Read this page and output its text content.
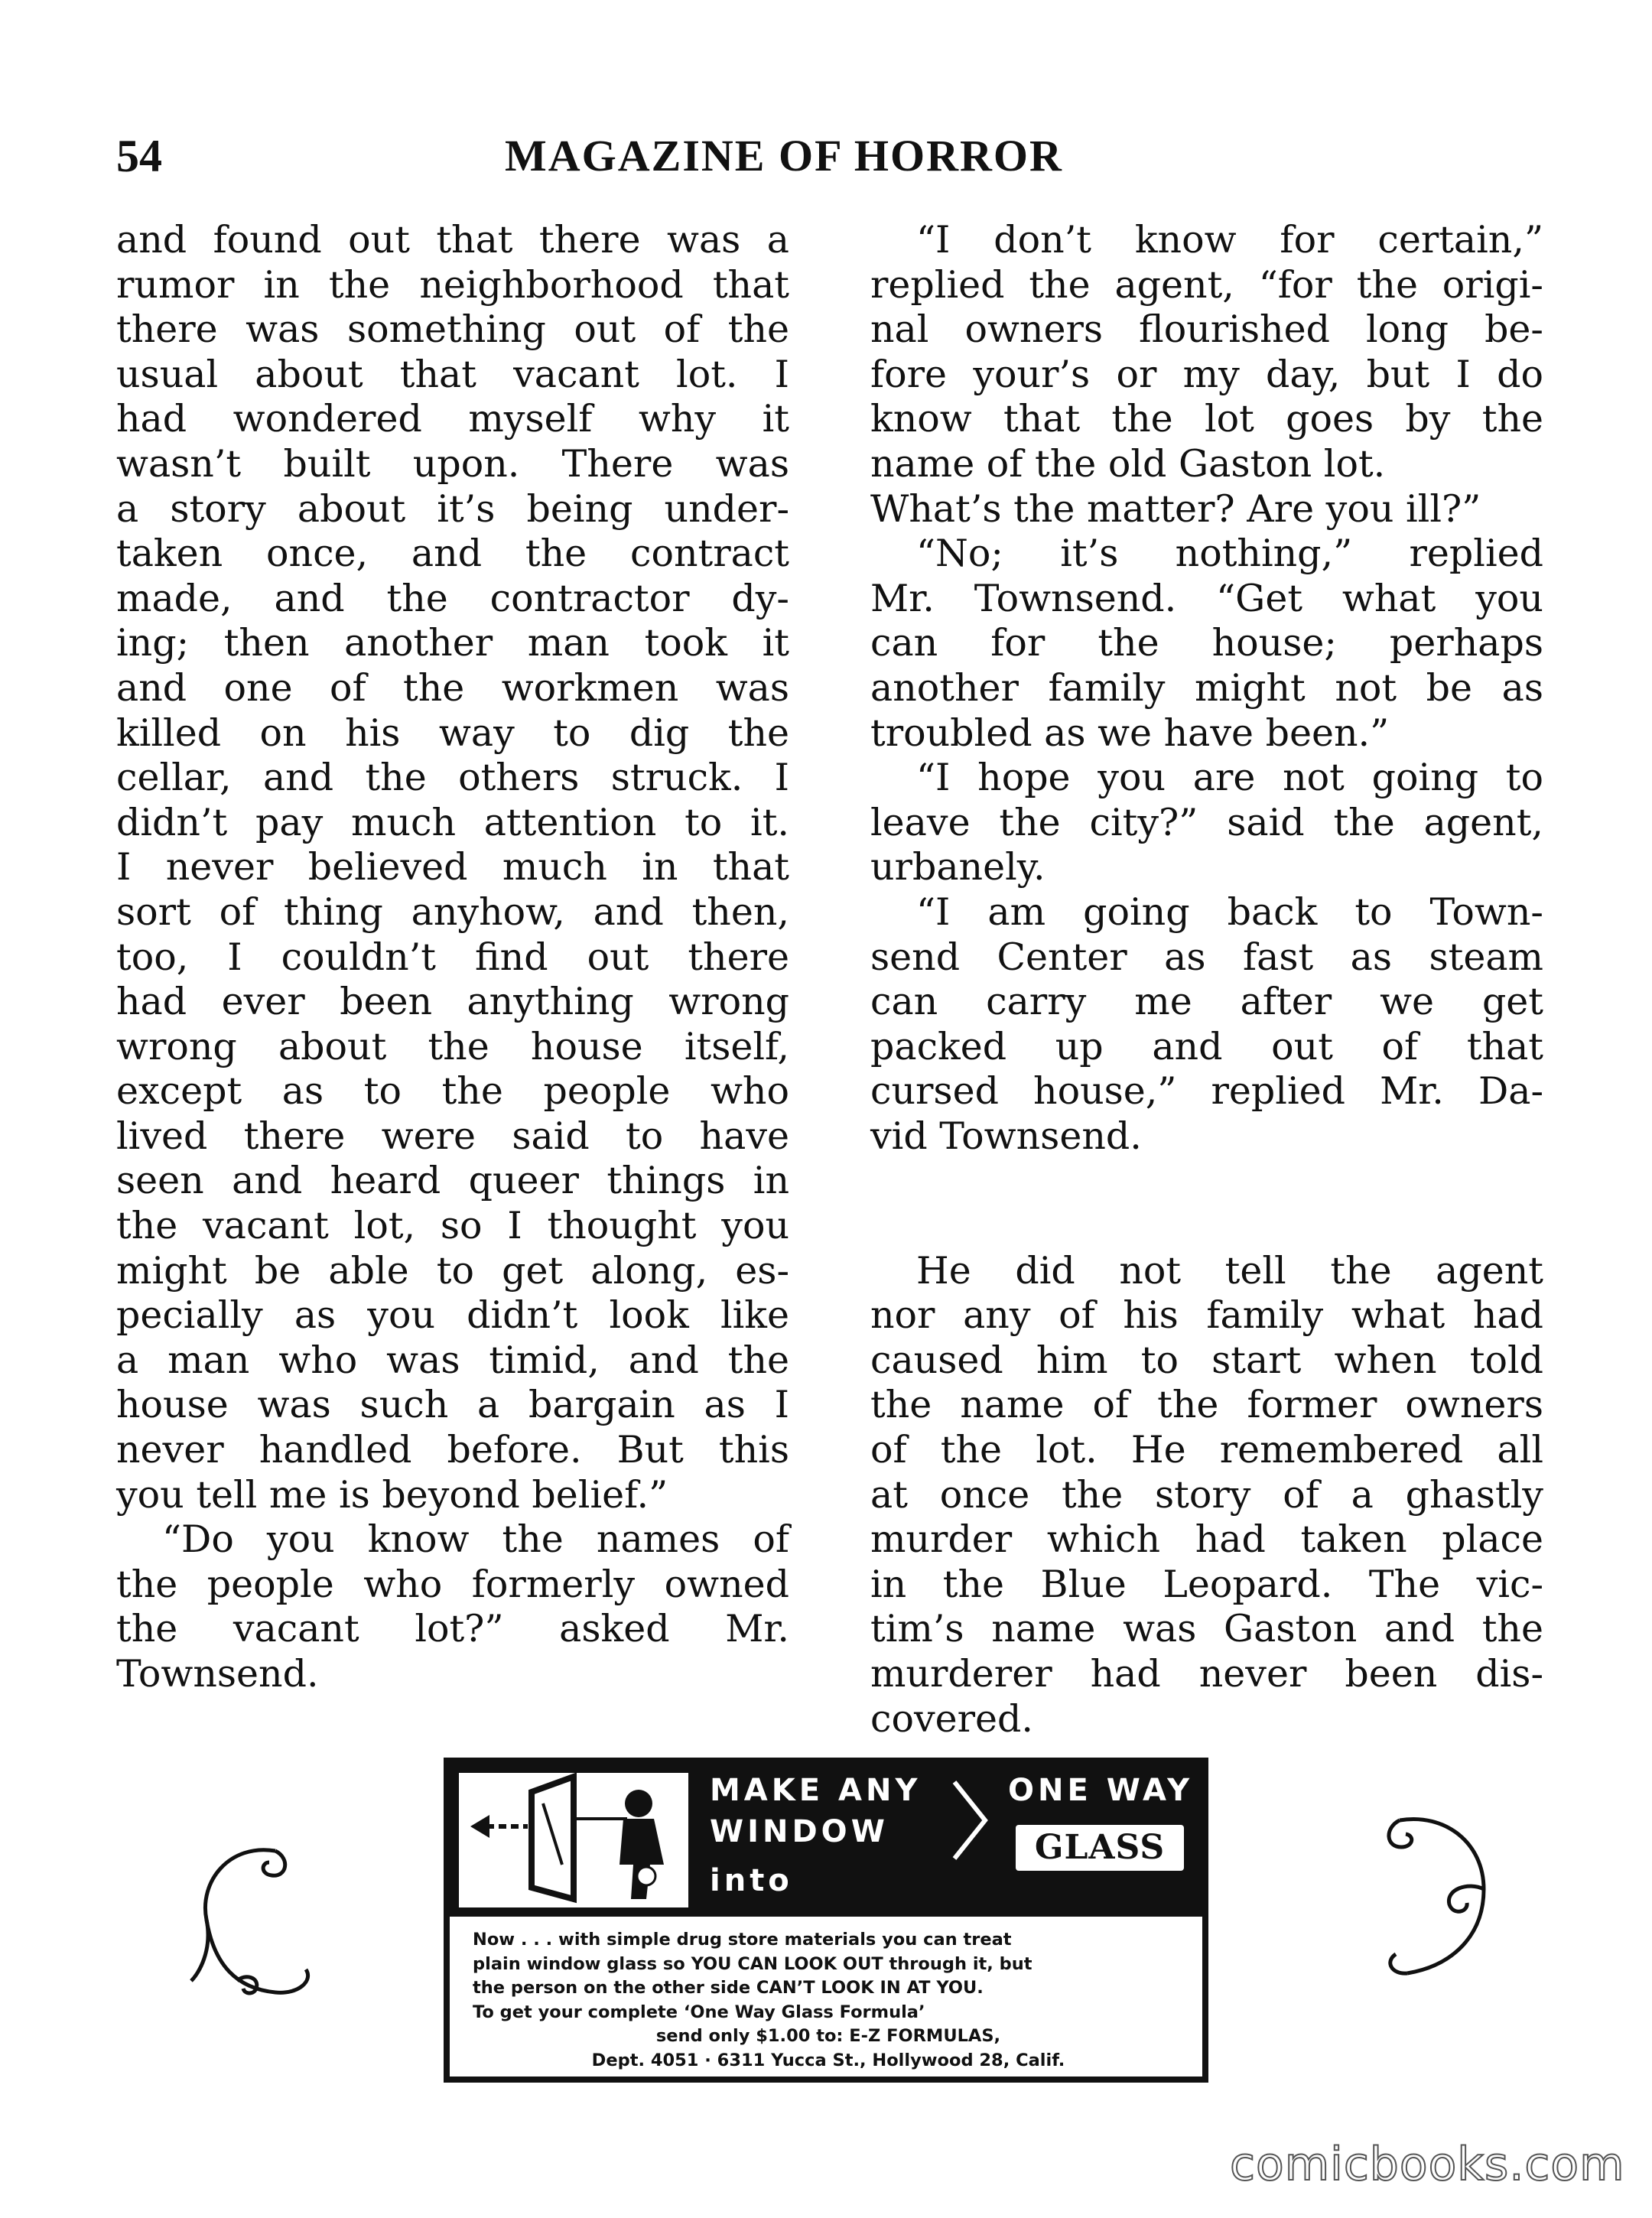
54	MAGAZINE OF HORROR
and found out that there was a
rumor in the neighborhood that
there was something out of the
usual about that vacant lot. I
had wondered myself why it
wasn’t built upon. There was
a story about it’s being under-
taken once, and the contract
made, and the contractor dy-
ing; then another man took it
and one of the workmen was
killed on his way to dig the
cellar, and the others struck. I
didn’t pay much attention to it.
I never believed much in that
sort of thing anyhow, and then,
too, I couldn’t find out there
had ever been anything wrong
wrong about the house itself,
except as to the people who
lived there were said to have
seen and heard queer things in
the vacant lot, so I thought you
might be able to get along, es-
pecially as you didn’t look like
a man who was timid, and the
house was such a bargain as I
never handled before. But this
you tell me is beyond belief.”
“Do you know the names of
the people who formerly owned
the vacant lot?” asked Mr.
Townsend.
“I don’t know for certain,”
replied the agent, “for the origi-
nal owners flourished long be-
fore your’s or my day, but I do
know that the lot goes by the
name of the old Gaston lot.
What’s the matter? Are you ill?”
“No; it’s nothing,” replied
Mr. Townsend. “Get what you
can for the house; perhaps
another family might not be as
troubled as we have been.”
“I hope you are not going to
leave the city?” said the agent,
urbanely.
“I am going back to Town-
send Center as fast as steam
can carry me after we get
packed up and out of that
cursed house,” replied Mr. Da-
vid Townsend.
He did not tell the agent
nor any of his family what had
caused him to start when told
the name of the former owners
of the lot. He remembered all
at once the story of a ghastly
murder which had taken place
in the Blue Leopard. The vic-
tim’s name was Gaston and the
murderer had never been dis-
covered.
MAKE ANY
WINDOW
into
ONE WAY
GLASS
Now . . . with simple drug store materials you can treat
plain window glass so YOU CAN LOOK OUT through it, but
the person on the other side CAN’T LOOK IN AT YOU.
To get your complete ‘One Way Glass Formula’
send only $1.00 to: E-Z FORMULAS,
Dept. 4051 · 6311 Yucca St., Hollywood 28, Calif.
comicbooks.com
